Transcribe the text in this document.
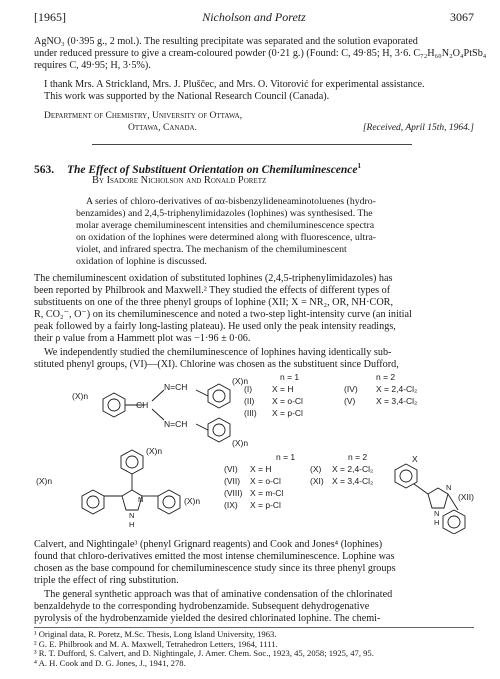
[1965]	Nicholson and Poretz	3067
AgNO₃ (0·395 g., 2 mol.). The resulting precipitate was separated and the solution evaporated
under reduced pressure to give a cream-coloured powder (0·21 g.) (Found: C, 49·85; H, 3·6. C₇₂H₆₀N₂O₄PtSb₄
requires C, 49·95; H, 3·5%).
I thank Mrs. A Strickland, Mrs. J. Pluščec, and Mrs. O. Vitorović for experimental assistance.
This work was supported by the National Research Council (Canada).
Department of Chemistry, University of Ottawa,
Ottawa, Canada.	[Received, April 15th, 1964.]
563. The Effect of Substituent Orientation on Chemiluminescence$^1$
By Isadore Nicholson and Ronald Poretz
A series of chloro-derivatives of αα-bisbenzylideneaminotoluenes (hydro-
benzamides) and 2,4,5-triphenylimidazoles (lophines) was synthesised. The
molar average chemiluminescent intensities and chemiluminescence spectra
on oxidation of the lophines were determined along with fluorescence, ultra-
violet, and infrared spectra. The mechanism of the chemiluminescent
oxidation of lophine is discussed.
The chemiluminescent oxidation of substituted lophines (2,4,5-triphenylimidazoles) has
been reported by Philbrook and Maxwell.² They studied the effects of different types of
substituents on one of the three phenyl groups of lophine (XII; X = NR₂, OR, NH·COR,
R, CO₂⁻, O⁻) on its chemiluminescence and noted a two-step light-intensity curve (an initial
peak followed by a fairly long-lasting plateau). He used only the peak intensity readings,
their ρ value from a Hammett plot was −1·96 ± 0·06.
We independently studied the chemiluminescence of lophines having identically sub-
stituted phenyl groups, (VI)—(XI). Chlorine was chosen as the substituent since Dufford,
(X)n
CH
N=CH
N=CH
(X)n
(X)n
(X)n
(X)n
(X)n
N
N
H
(XII)
X
N
N
H
n = 1	n = 2
(I) X = H	(IV) X = 2,4-Cl₂
(II) X = o-Cl	(V) X = 3,4-Cl₂
(III) X = p-Cl
n = 1	n = 2
(VI) X = H	(X) X = 2,4-Cl₂
(VII) X = o-Cl	(XI) X = 3,4-Cl₂
(VIII) X = m-Cl
(IX) X = p-Cl
Calvert, and Nightingale³ (phenyl Grignard reagents) and Cook and Jones⁴ (lophines)
found that chloro-derivatives emitted the most intense chemiluminescence. Lophine was
chosen as the base compound for chemiluminescence study since its three phenyl groups
triple the effect of ring substitution.
The general synthetic approach was that of aminative condensation of the chlorinated
benzaldehyde to the corresponding hydrobenzamide. Subsequent dehydrogenative
pyrolysis of the hydrobenzamide yielded the desired chlorinated lophine. The chemi-
¹ Original data, R. Poretz, M.Sc. Thesis, Long Island University, 1963.
² G. E. Philbrook and M. A. Maxwell, Tetrahedron Letters, 1964, 1111.
³ R. T. Dufford, S. Calvert, and D. Nightingale, J. Amer. Chem. Soc., 1923, 45, 2058; 1925, 47, 95.
⁴ A. H. Cook and D. G. Jones, J., 1941, 278.
